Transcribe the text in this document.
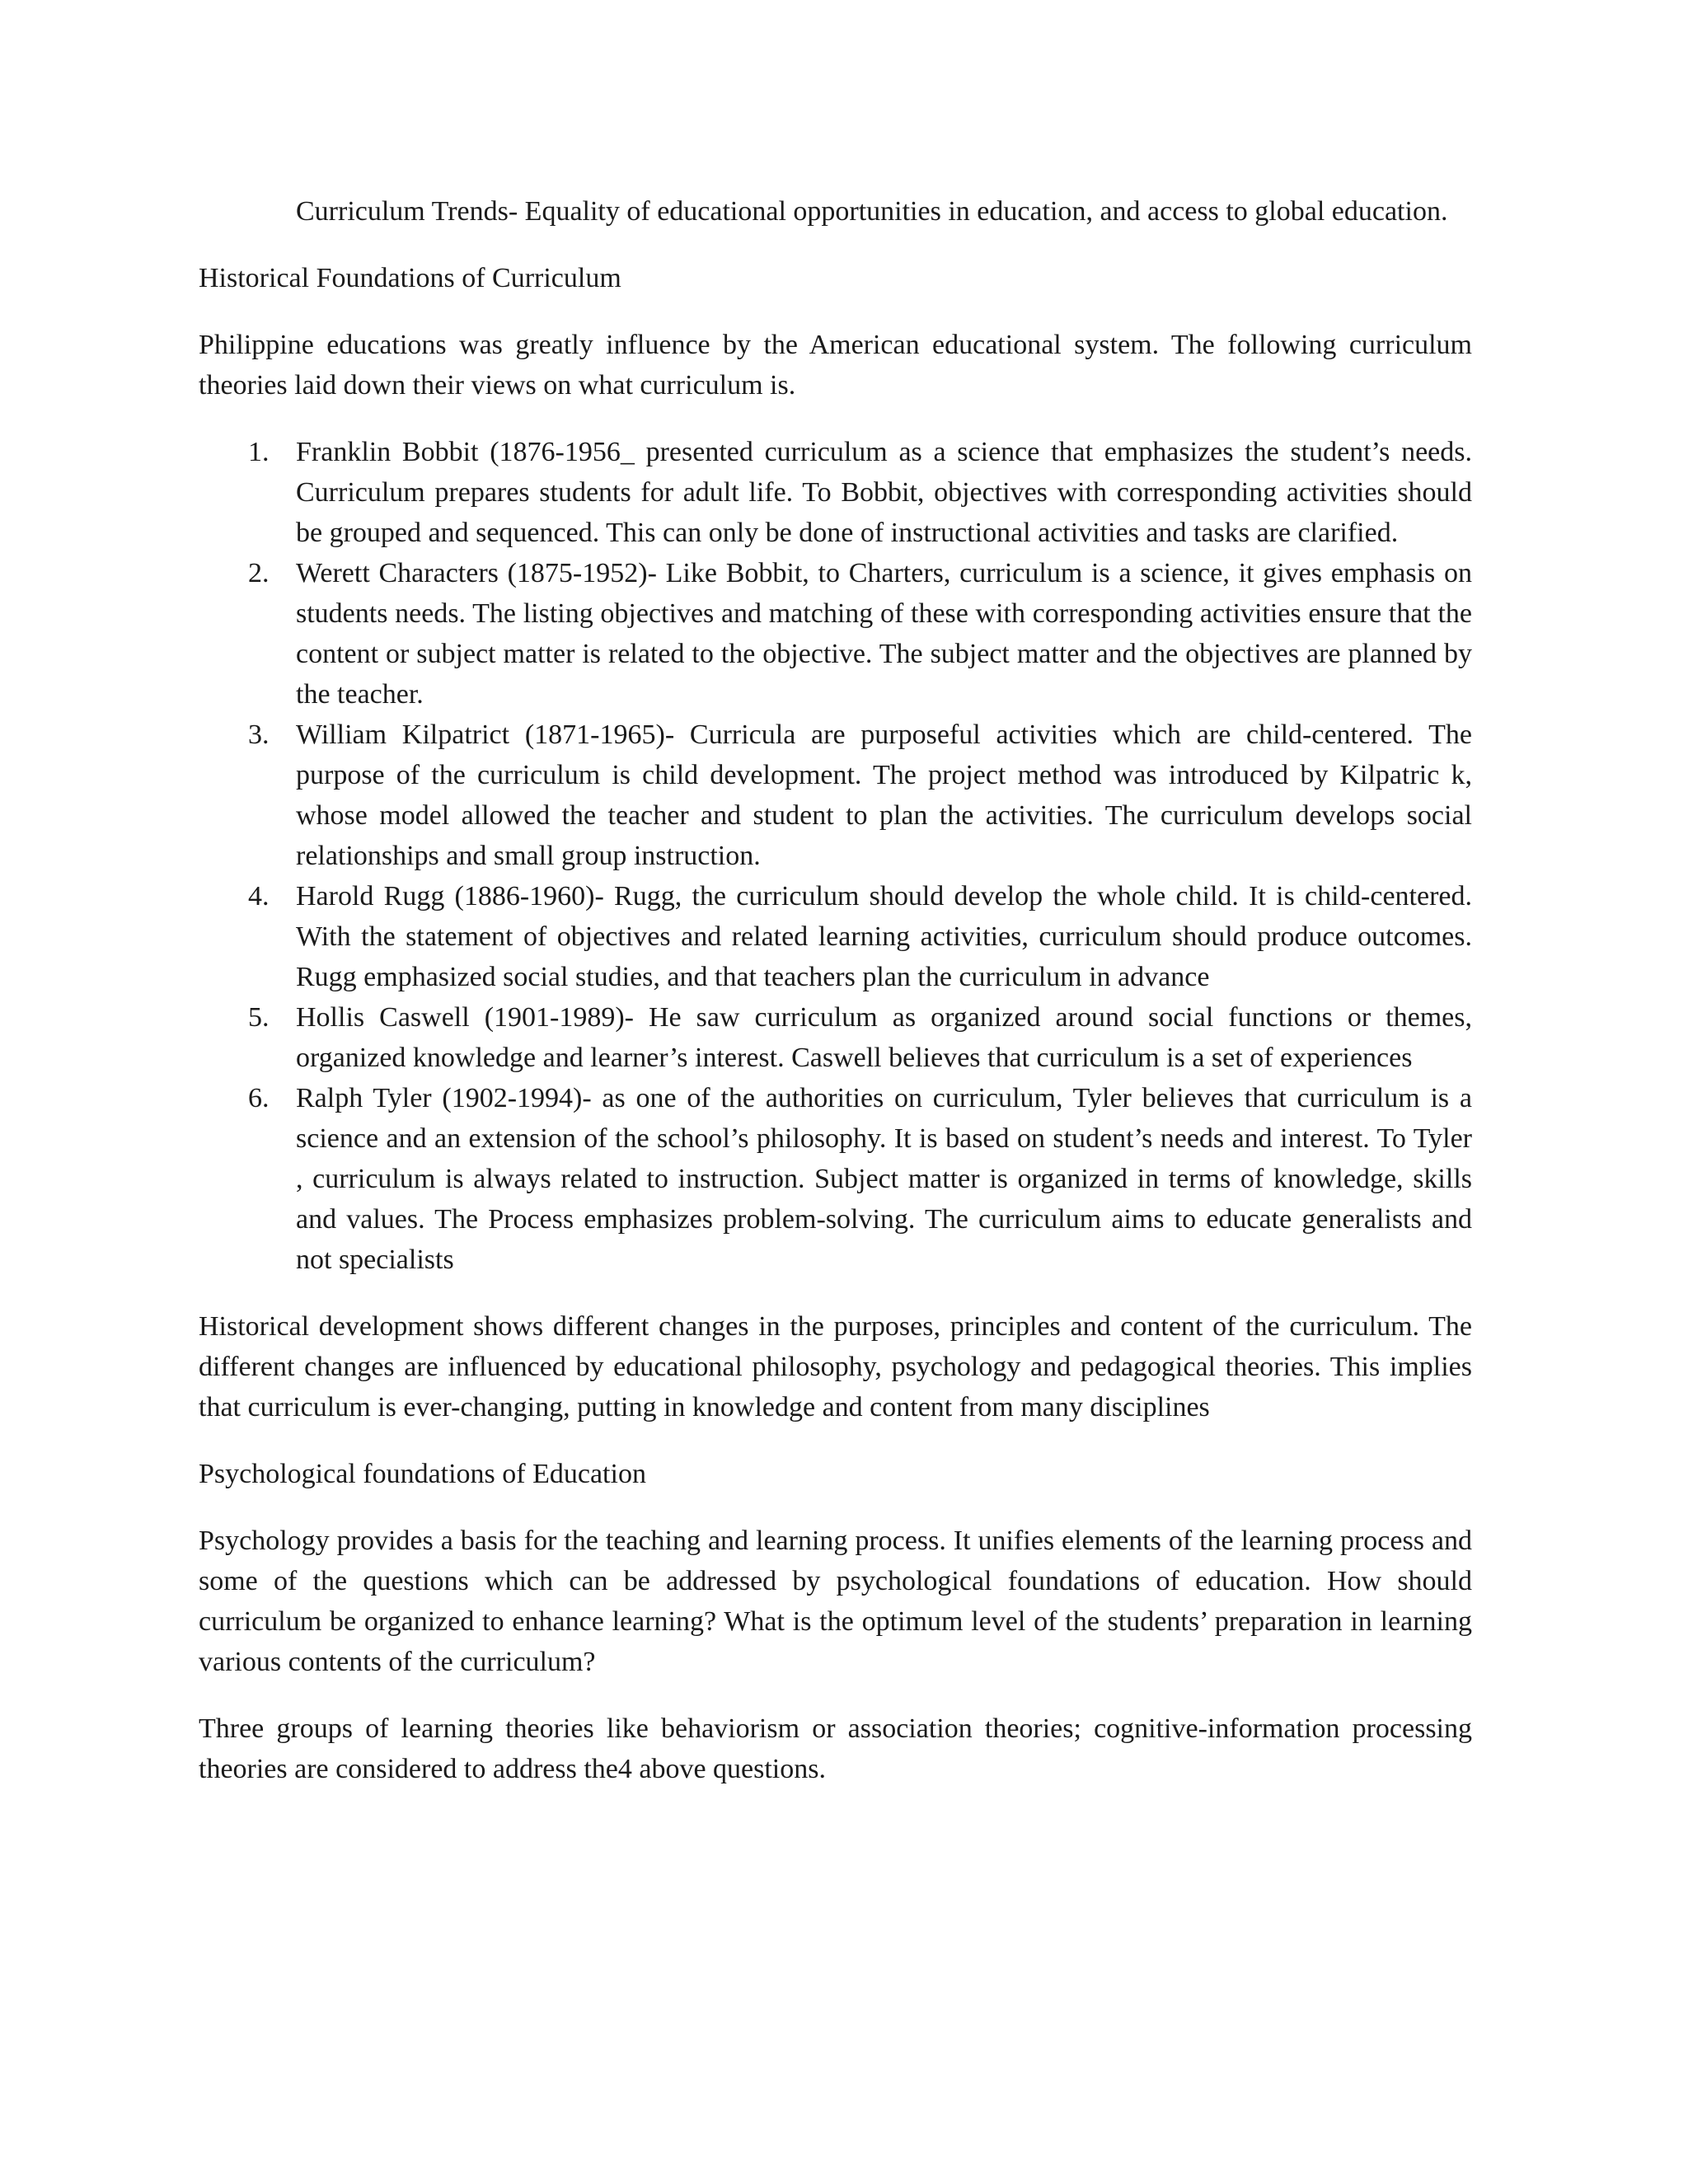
Curriculum Trends- Equality of educational opportunities in education, and access to global education.

Historical Foundations of Curriculum

Philippine educations was greatly influence by the American educational system. The following curriculum theories laid down their views on what curriculum is.

1. Franklin Bobbit (1876-1956_ presented curriculum as a science that emphasizes the student’s needs. Curriculum prepares students for adult life. To Bobbit, objectives with corresponding activities should be grouped and sequenced. This can only be done of instructional activities and tasks are clarified.
2. Werett Characters (1875-1952)- Like Bobbit, to Charters, curriculum is a science, it gives emphasis on students needs. The listing objectives and matching of these with corresponding activities ensure that the content or subject matter is related to the objective. The subject matter and the objectives are planned by the teacher.
3. William Kilpatrict (1871-1965)- Curricula are purposeful activities which are child-centered. The purpose of the curriculum is child development. The project method was introduced by Kilpatric k, whose model allowed the teacher and student to plan the activities. The curriculum develops social relationships and small group instruction.
4. Harold Rugg (1886-1960)- Rugg, the curriculum should develop the whole child. It is child-centered. With the statement of objectives and related learning activities, curriculum should produce outcomes. Rugg emphasized social studies, and that teachers plan the curriculum in advance
5. Hollis Caswell (1901-1989)- He saw curriculum as organized around social functions or themes, organized knowledge and learner’s interest. Caswell believes that curriculum is a set of experiences
6. Ralph Tyler (1902-1994)- as one of the authorities on curriculum, Tyler believes that curriculum is a science and an extension of the school’s philosophy. It is based on student’s needs and interest. To Tyler , curriculum is always related to instruction. Subject matter is organized in terms of knowledge, skills and values. The Process emphasizes problem-solving. The curriculum aims to educate generalists and not specialists

Historical development shows different changes in the purposes, principles and content of the curriculum. The different changes are influenced by educational philosophy, psychology and pedagogical theories. This implies that curriculum is ever-changing, putting in knowledge and content from many disciplines

Psychological foundations of Education

Psychology provides a basis for the teaching and learning process. It unifies elements of the learning process and some of the questions which can be addressed by psychological foundations of education. How should curriculum be organized to enhance learning? What is the optimum level of the students’ preparation in learning various contents of the curriculum?

Three groups of learning theories like behaviorism or association theories; cognitive-information processing theories are considered to address the4 above questions.
